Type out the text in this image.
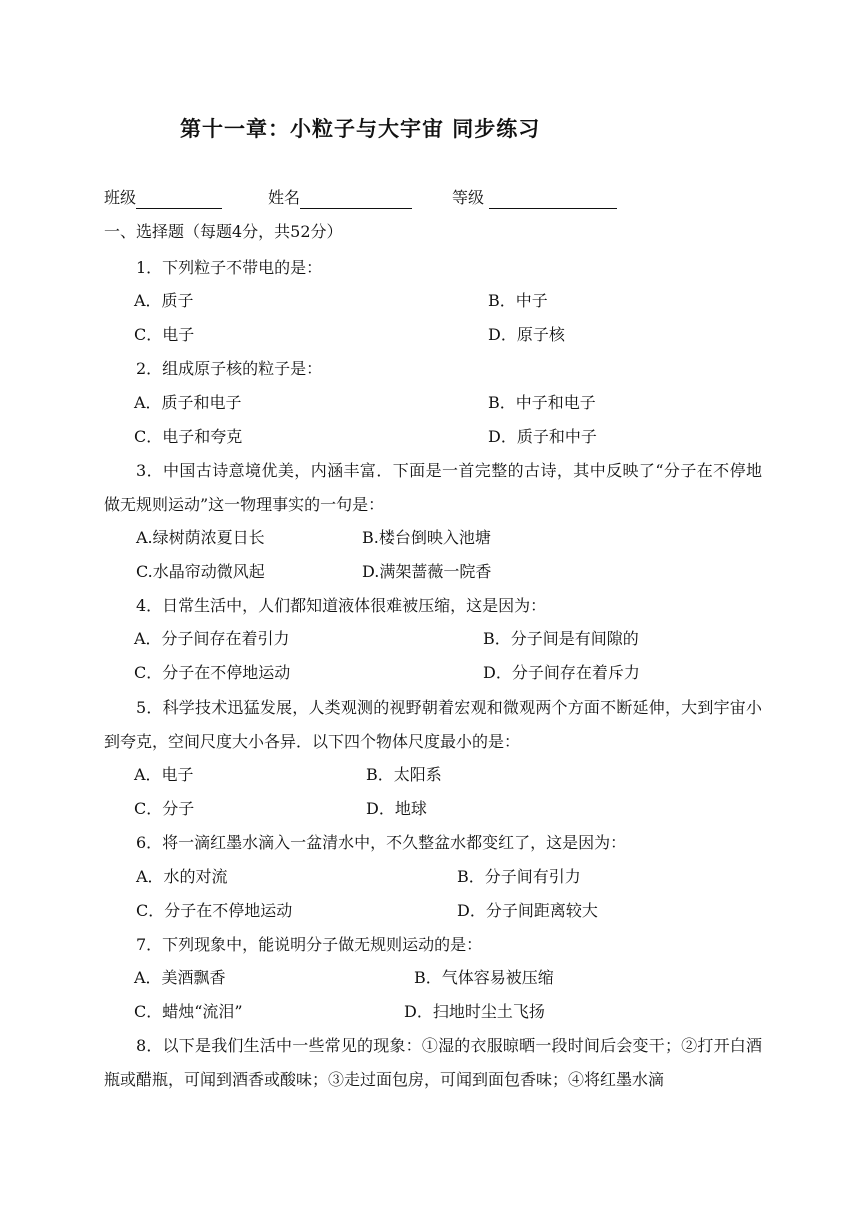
第十一章：小粒子与大宇宙 同步练习
班级	姓名	等级
一、选择题（每题4分，共52分）
1．下列粒子不带电的是：
A．质子	B．中子
C．电子	D．原子核
2．组成原子核的粒子是：
A．质子和电子	B．中子和电子
C．电子和夸克	D．质子和中子
3．中国古诗意境优美，内涵丰富．下面是一首完整的古诗，其中反映了“分子在不停地做无规则运动”这一物理事实的一句是：
A.绿树荫浓夏日长	B.楼台倒映入池塘
C.水晶帘动微风起	D.满架蔷薇一院香
4．日常生活中，人们都知道液体很难被压缩，这是因为：
A．分子间存在着引力	B．分子间是有间隙的
C．分子在不停地运动	D．分子间存在着斥力
5．科学技术迅猛发展，人类观测的视野朝着宏观和微观两个方面不断延伸，大到宇宙小到夸克，空间尺度大小各异．以下四个物体尺度最小的是：
A．电子	B．太阳系
C．分子	D．地球
6．将一滴红墨水滴入一盆清水中，不久整盆水都变红了，这是因为：
A．水的对流	B．分子间有引力
C．分子在不停地运动	D．分子间距离较大
7．下列现象中，能说明分子做无规则运动的是：
A．美酒飘香	B．气体容易被压缩
C．蜡烛“流泪”	D．扫地时尘土飞扬
8．以下是我们生活中一些常见的现象：①湿的衣服晾晒一段时间后会变干；②打开白酒瓶或醋瓶，可闻到酒香或酸味；③走过面包房，可闻到面包香味；④将红墨水滴
